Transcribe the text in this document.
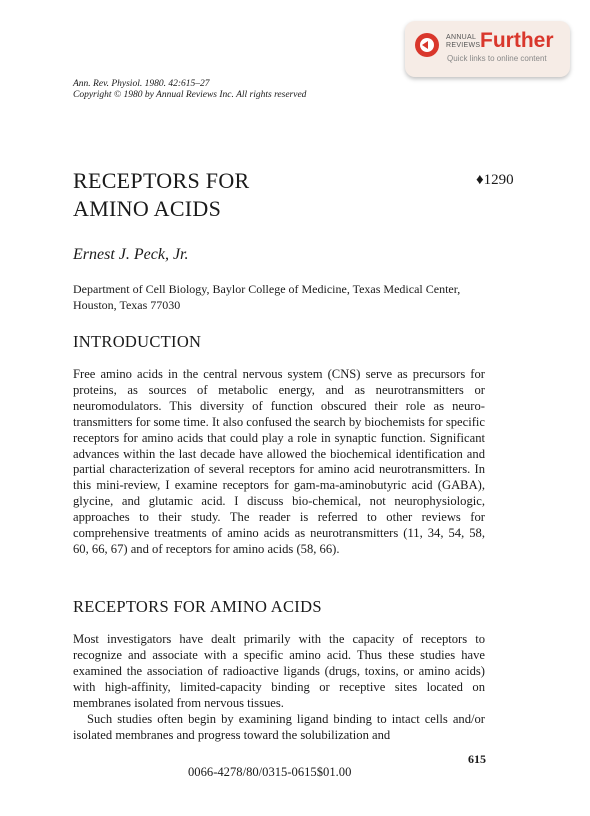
ANNUAL
REVIEWS Further
Quick links to online content
Ann. Rev. Physiol. 1980. 42:615–27
Copyright © 1980 by Annual Reviews Inc. All rights reserved
RECEPTORS FOR
AMINO ACIDS
♦1290
Ernest J. Peck, Jr.
Department of Cell Biology, Baylor College of Medicine, Texas Medical Center, Houston, Texas 77030
INTRODUCTION

Free amino acids in the central nervous system (CNS) serve as precursors for proteins, as sources of metabolic energy, and as neurotransmitters or neuromodulators. This diversity of function obscured their role as neuro-transmitters for some time. It also confused the search by biochemists for specific receptors for amino acids that could play a role in synaptic function. Significant advances within the last decade have allowed the biochemical identification and partial characterization of several receptors for amino acid neurotransmitters. In this mini-review, I examine receptors for gam-ma-aminobutyric acid (GABA), glycine, and glutamic acid. I discuss bio-chemical, not neurophysiologic, approaches to their study. The reader is referred to other reviews for comprehensive treatments of amino acids as neurotransmitters (11, 34, 54, 58, 60, 66, 67) and of receptors for amino acids (58, 66).

RECEPTORS FOR AMINO ACIDS

Most investigators have dealt primarily with the capacity of receptors to recognize and associate with a specific amino acid. Thus these studies have examined the association of radioactive ligands (drugs, toxins, or amino acids) with high-affinity, limited-capacity binding or receptive sites located on membranes isolated from nervous tissues.

Such studies often begin by examining ligand binding to intact cells and/or isolated membranes and progress toward the solubilization and

615
0066-4278/80/0315-0615$01.00
